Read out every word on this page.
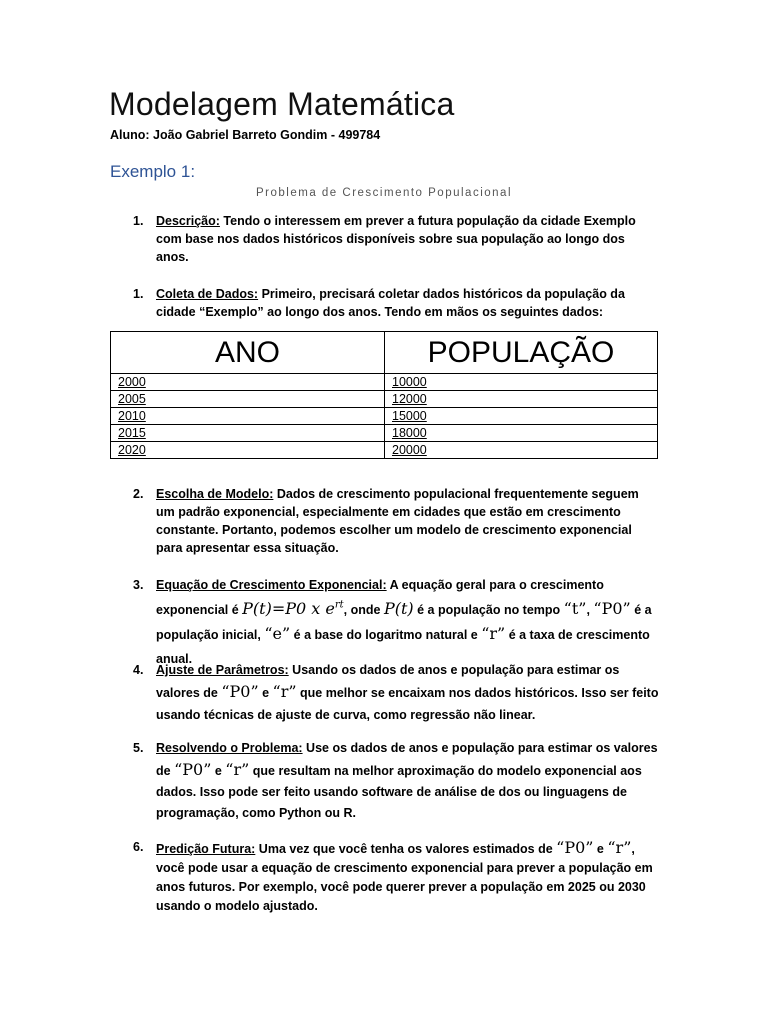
Modelagem Matemática
Aluno: João Gabriel Barreto Gondim - 499784
Exemplo 1:
Problema de Crescimento Populacional
1. Descrição: Tendo o interessem em prever a futura população da cidade Exemplo com base nos dados históricos disponíveis sobre sua população ao longo dos anos.
1. Coleta de Dados: Primeiro, precisará coletar dados históricos da população da cidade “Exemplo” ao longo dos anos. Tendo em mãos os seguintes dados:
ANO	POPULAÇÃO
2000	10000
2005	12000
2010	15000
2015	18000
2020	20000
2. Escolha de Modelo: Dados de crescimento populacional frequentemente seguem um padrão exponencial, especialmente em cidades que estão em crescimento constante. Portanto, podemos escolher um modelo de crescimento exponencial para apresentar essa situação.
3. Equação de Crescimento Exponencial: A equação geral para o crescimento exponencial é P(t)=P0 x $e^{rt}$, onde P(t) é a população no tempo “t”, “P0” é a população inicial, “e” é a base do logaritmo natural e “r” é a taxa de crescimento anual.
4. Ajuste de Parâmetros: Usando os dados de anos e população para estimar os valores de “P0” e “r” que melhor se encaixam nos dados históricos. Isso ser feito usando técnicas de ajuste de curva, como regressão não linear.
5. Resolvendo o Problema: Use os dados de anos e população para estimar os valores de “P0” e “r” que resultam na melhor aproximação do modelo exponencial aos dados. Isso pode ser feito usando software de análise de dos ou linguagens de programação, como Python ou R.
6. Predição Futura: Uma vez que você tenha os valores estimados de “P0” e “r”, você pode usar a equação de crescimento exponencial para prever a população em anos futuros. Por exemplo, você pode querer prever a população em 2025 ou 2030 usando o modelo ajustado.
